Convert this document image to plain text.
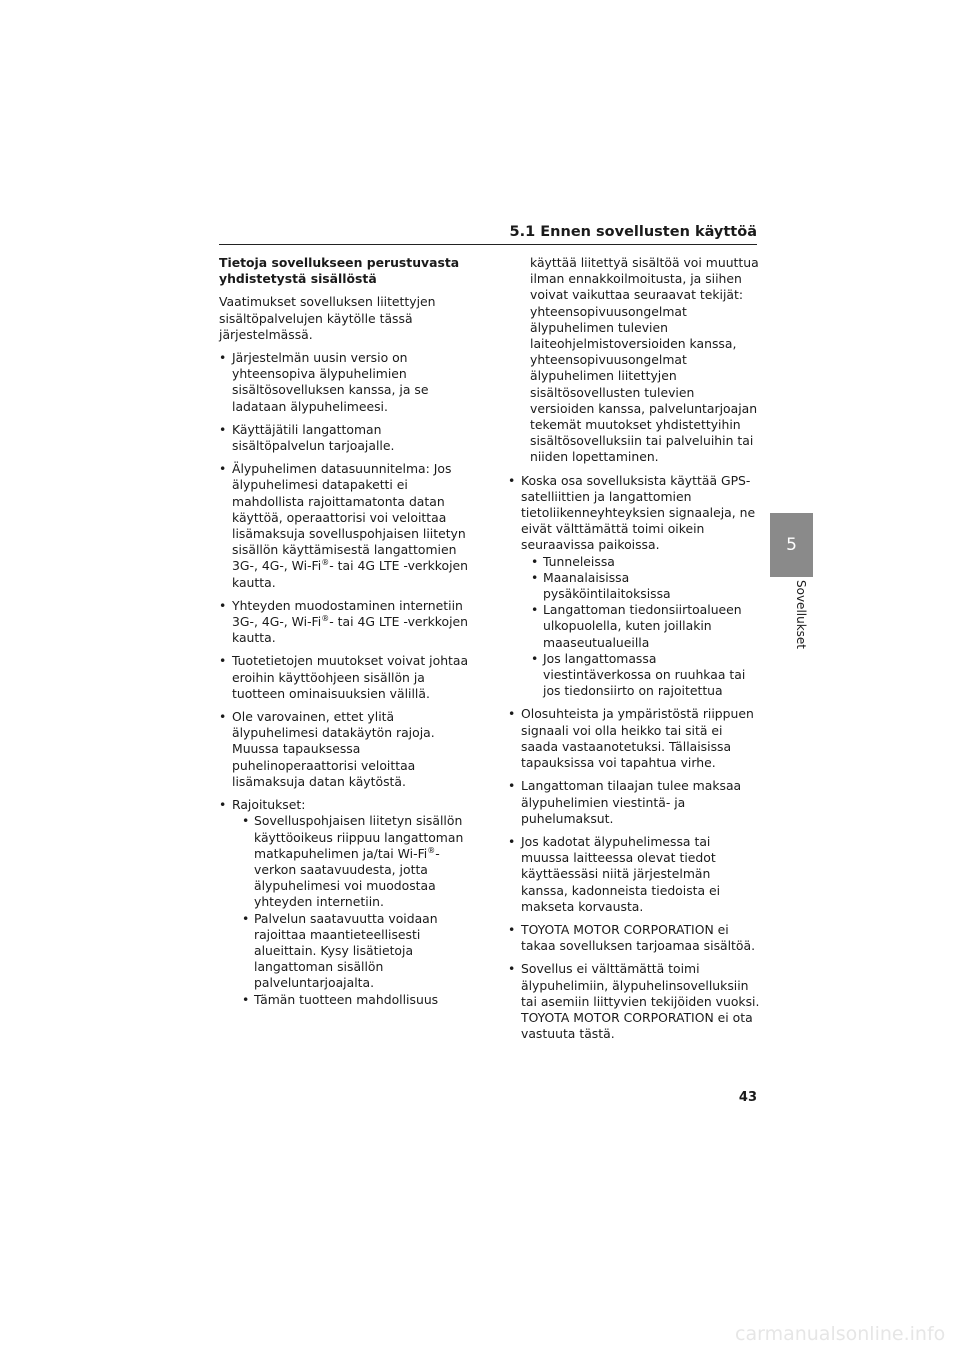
5.1 Ennen sovellusten käyttöä
Tietoja sovellukseen perustuvasta yhdistetystä sisällöstä

Vaatimukset sovelluksen liitettyjen sisältöpalvelujen käytölle tässä järjestelmässä.

• Järjestelmän uusin versio on yhteensopiva älypuhelimien sisältösovelluksen kanssa, ja se ladataan älypuhelimeesi.
• Käyttäjätili langattoman sisältöpalvelun tarjoajalle.
• Älypuhelimen datasuunnitelma: Jos älypuhelimesi datapaketti ei mahdollista rajoittamatonta datan käyttöä, operaattorisi voi veloittaa lisämaksuja sovelluspohjaisen liitetyn sisällön käyttämisestä langattomien 3G-, 4G-, Wi-Fi®- tai 4G LTE -verkkojen kautta.
• Yhteyden muodostaminen internetiin 3G-, 4G-, Wi-Fi®- tai 4G LTE -verkkojen kautta.
• Tuotetietojen muutokset voivat johtaa eroihin käyttöohjeen sisällön ja tuotteen ominaisuuksien välillä.
• Ole varovainen, ettet ylitä älypuhelimesi datakäytön rajoja. Muussa tapauksessa puhelinoperaattorisi veloittaa lisämaksuja datan käytöstä.
• Rajoitukset:
• Sovelluspohjaisen liitetyn sisällön käyttöoikeus riippuu langattoman matkapuhelimen ja/tai Wi-Fi®-verkon saatavuudesta, jotta älypuhelimesi voi muodostaa yhteyden internetiin.
• Palvelun saatavuutta voidaan rajoittaa maantieteellisesti alueittain. Kysy lisätietoja langattoman sisällön palveluntarjoajalta.
• Tämän tuotteen mahdollisuus
käyttää liitettyä sisältöä voi muuttua ilman ennakkoilmoitusta, ja siihen voivat vaikuttaa seuraavat tekijät: yhteensopivuusongelmat älypuhelimen tulevien laiteohjelmistoversioiden kanssa, yhteensopivuusongelmat älypuhelimen liitettyjen sisältösovellusten tulevien versioiden kanssa, palveluntarjoajan tekemät muutokset yhdistettyihin sisältösovelluksiin tai palveluihin tai niiden lopettaminen.
• Koska osa sovelluksista käyttää GPS-satelliittien ja langattomien tietoliikenneyhteyksien signaaleja, ne eivät välttämättä toimi oikein seuraavissa paikoissa.
• Tunneleissa
• Maanalaisissa pysäköintilaitoksissa
• Langattoman tiedonsiirtoalueen ulkopuolella, kuten joillakin maaseutualueilla
• Jos langattomassa viestintäverkossa on ruuhkaa tai jos tiedonsiirto on rajoitettua
• Olosuhteista ja ympäristöstä riippuen signaali voi olla heikko tai sitä ei saada vastaanotetuksi. Tällaisissa tapauksissa voi tapahtua virhe.
• Langattoman tilaajan tulee maksaa älypuhelimien viestintä- ja puhelumaksut.
• Jos kadotat älypuhelimessa tai muussa laitteessa olevat tiedot käyttäessäsi niitä järjestelmän kanssa, kadonneista tiedoista ei makseta korvausta.
• TOYOTA MOTOR CORPORATION ei takaa sovelluksen tarjoamaa sisältöä.
• Sovellus ei välttämättä toimi älypuhelimiin, älypuhelinsovelluksiin tai asemiin liittyvien tekijöiden vuoksi. TOYOTA MOTOR CORPORATION ei ota vastuuta tästä.
5
Sovellukset
43
carmanualsonline.info
